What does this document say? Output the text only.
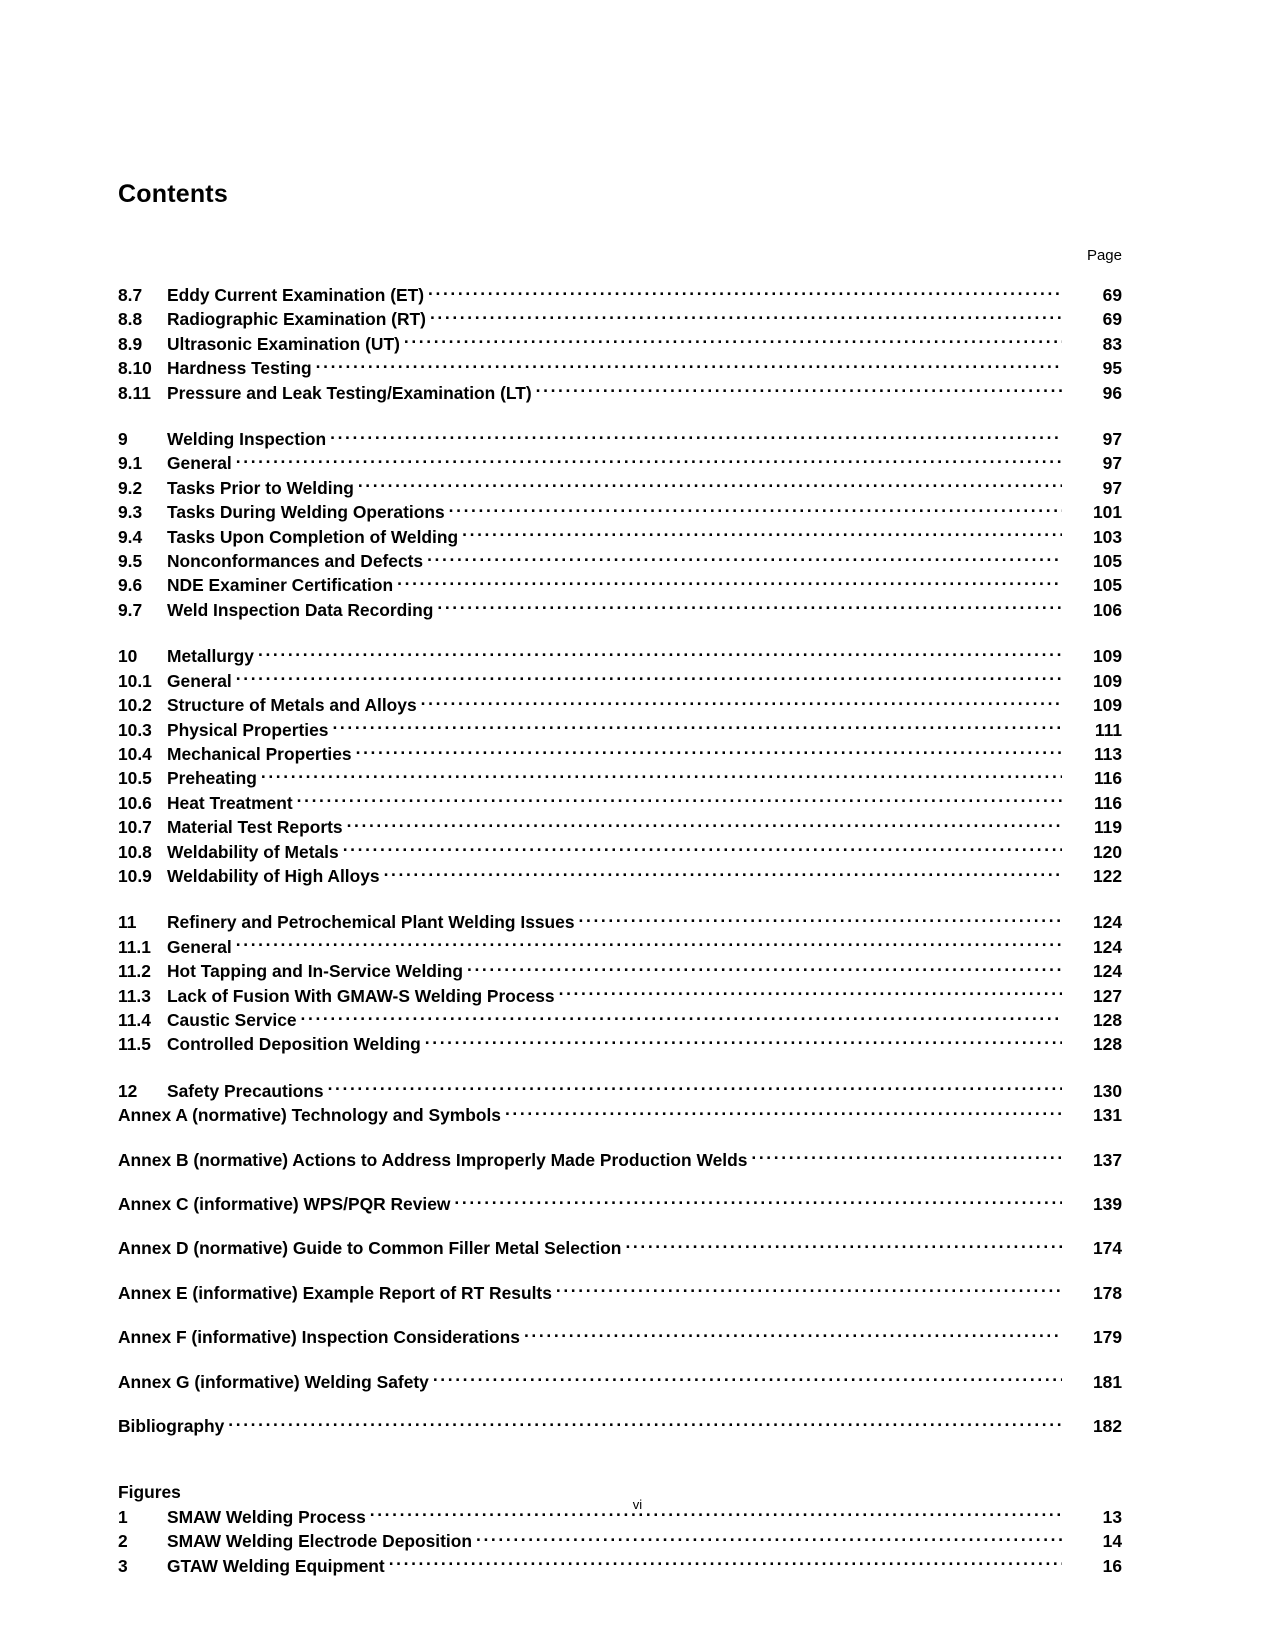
Contents
Page
8.7	Eddy Current Examination (ET) . . .	69
8.8	Radiographic Examination (RT) . . .	69
8.9	Ultrasonic Examination (UT) . . .	83
8.10 Hardness Testing . . .	95
8.11 Pressure and Leak Testing/Examination (LT) . . .	96
9	Welding Inspection . . .	97
9.1	General . . .	97
9.2	Tasks Prior to Welding . . .	97
9.3	Tasks During Welding Operations . . .	101
9.4	Tasks Upon Completion of Welding . . .	103
9.5	Nonconformances and Defects . . .	105
9.6	NDE Examiner Certification . . .	105
9.7	Weld Inspection Data Recording . . .	106
10	Metallurgy . . .	109
10.1 General . . .	109
10.2 Structure of Metals and Alloys . . .	109
10.3 Physical Properties . . .	111
10.4 Mechanical Properties . . .	113
10.5 Preheating . . .	116
10.6 Heat Treatment . . .	116
10.7 Material Test Reports . . .	119
10.8 Weldability of Metals . . .	120
10.9 Weldability of High Alloys . . .	122
11	Refinery and Petrochemical Plant Welding Issues . . .	124
11.1 General . . .	124
11.2 Hot Tapping and In-Service Welding . . .	124
11.3 Lack of Fusion With GMAW-S Welding Process . . .	127
11.4 Caustic Service . . .	128
11.5 Controlled Deposition Welding . . .	128
12	Safety Precautions . . .	130
Annex A (normative) Technology and Symbols . . .	131
Annex B (normative) Actions to Address Improperly Made Production Welds . . .	137
Annex C (informative) WPS/PQR Review . . .	139
Annex D (normative) Guide to Common Filler Metal Selection . . .	174
Annex E (informative) Example Report of RT Results . . .	178
Annex F (informative) Inspection Considerations . . .	179
Annex G (informative) Welding Safety . . .	181
Bibliography . . .	182
Figures
1	SMAW Welding Process . . .	13
2	SMAW Welding Electrode Deposition . . .	14
3	GTAW Welding Equipment . . .	16
vi
